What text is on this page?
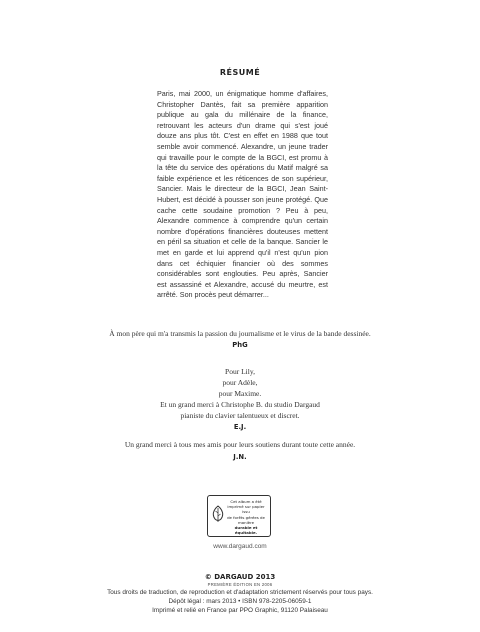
RÉSUMÉ
Paris, mai 2000, un énigmatique homme d'affaires, Christopher Dantès, fait sa première apparition publique au gala du millénaire de la finance, retrouvant les acteurs d'un drame qui s'est joué douze ans plus tôt. C'est en effet en 1988 que tout semble avoir commencé. Alexandre, un jeune trader qui travaille pour le compte de la BGCI, est promu à la tête du service des opérations du Matif malgré sa faible expérience et les réticences de son supérieur, Sancier. Mais le directeur de la BGCI, Jean Saint-Hubert, est décidé à pousser son jeune protégé. Que cache cette soudaine promotion ? Peu à peu, Alexandre commence à comprendre qu'un certain nombre d'opérations financières douteuses mettent en péril sa situation et celle de la banque. Sancier le met en garde et lui apprend qu'il n'est qu'un pion dans cet échiquier financier où des sommes considérables sont englouties. Peu après, Sancier est assassiné et Alexandre, accusé du meurtre, est arrêté. Son procès peut démarrer...
À mon père qui m'a transmis la passion du journalisme et le virus de la bande dessinée.
PhG
Pour Lily,
pour Adèle,
pour Maxime.
Et un grand merci à Christophe B. du studio Dargaud
pianiste du clavier talentueux et discret.
E.J.
Un grand merci à tous mes amis pour leurs soutiens durant toute cette année.
J.N.
Cet album a été
imprimé sur papier issu
de forêts gérées de
manière
durable et équitable.
www.dargaud.com
© DARGAUD 2013
PREMIÈRE ÉDITION EN 2006
Tous droits de traduction, de reproduction et d'adaptation strictement réservés pour tous pays.
Dépôt légal : mars 2013 • ISBN 978-2205-06059-1
Imprimé et relié en France par PPO Graphic, 91120 Palaiseau
